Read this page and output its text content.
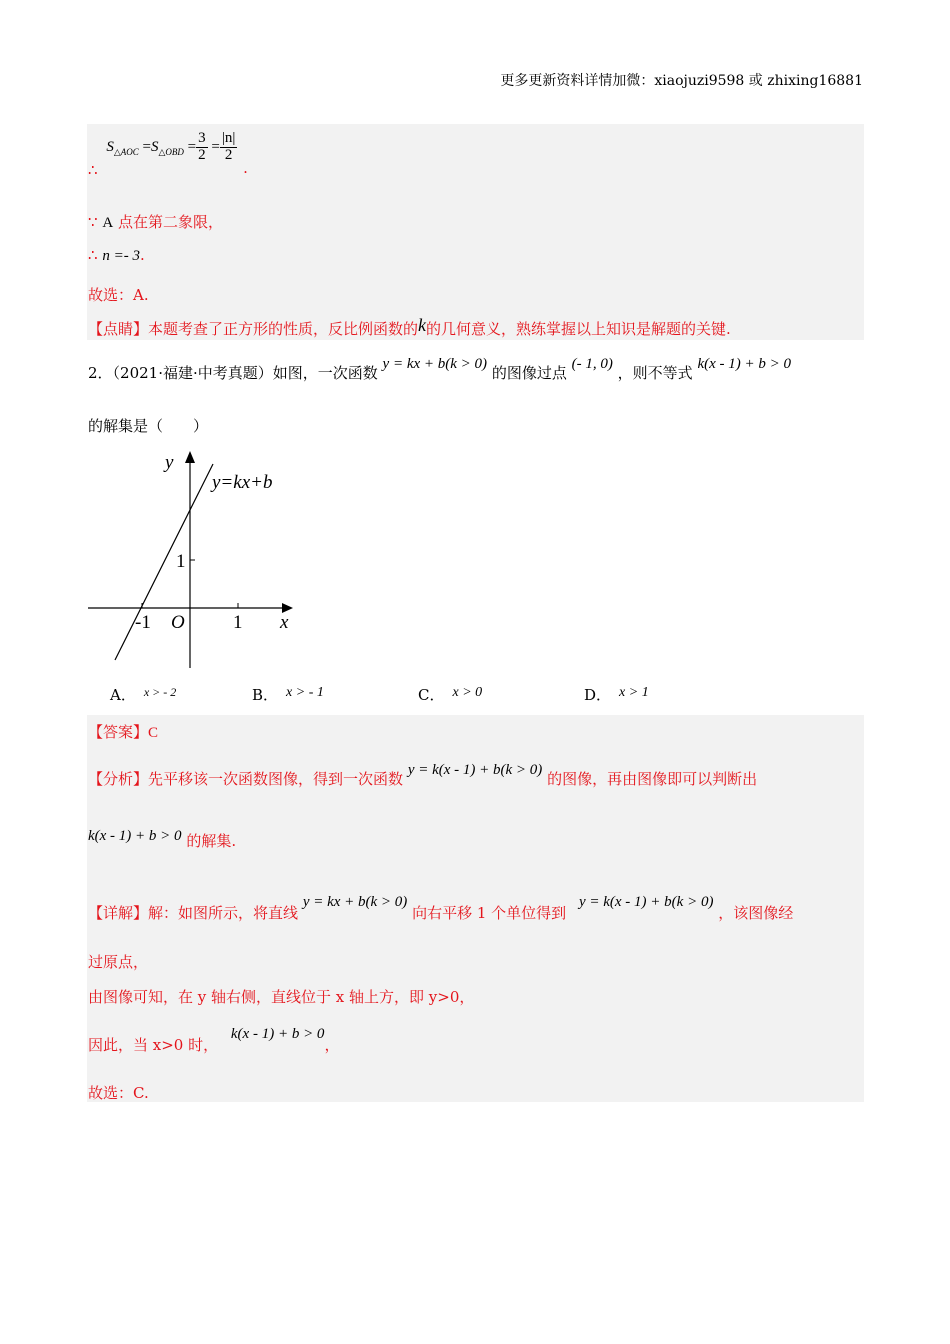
更多更新资料详情加微：xiaojuzi9598 或 zhixing16881
∴ $S_{\triangle AOC} =S_{\triangle OBD} = \frac{3}{2} = \frac{|n|}{2}$
.
∵ A 点在第二象限，
∴ n =- 3.
故选：A.
【点睛】本题考查了正方形的性质，反比例函数的k的几何意义，熟练掌握以上知识是解题的关键.
2．（2021·福建·中考真题）如图，一次函数 y = kx + b(k > 0) 的图像过点 (- 1, 0) ，则不等式 k(x - 1) + b > 0
的解集是（　　）
y
x
y=kx+b
O
-1	1
1
A． $^{x > - 2}$	B． x > - 1	C． x > 0	D． x > 1
【答案】C
【分析】先平移该一次函数图像，得到一次函数 y = k(x - 1) + b(k > 0) 的图像，再由图像即可以判断出
k(x - 1) + b > 0 的解集.
【详解】解：如图所示，将直线 y = kx + b(k > 0) 向右平移 1 个单位得到 y = k(x - 1) + b(k > 0) ，该图像经
过原点，
由图像可知，在 y 轴右侧，直线位于 x 轴上方，即 y>0，
因此，当 x>0 时， k(x - 1) + b > 0，
故选：C.
